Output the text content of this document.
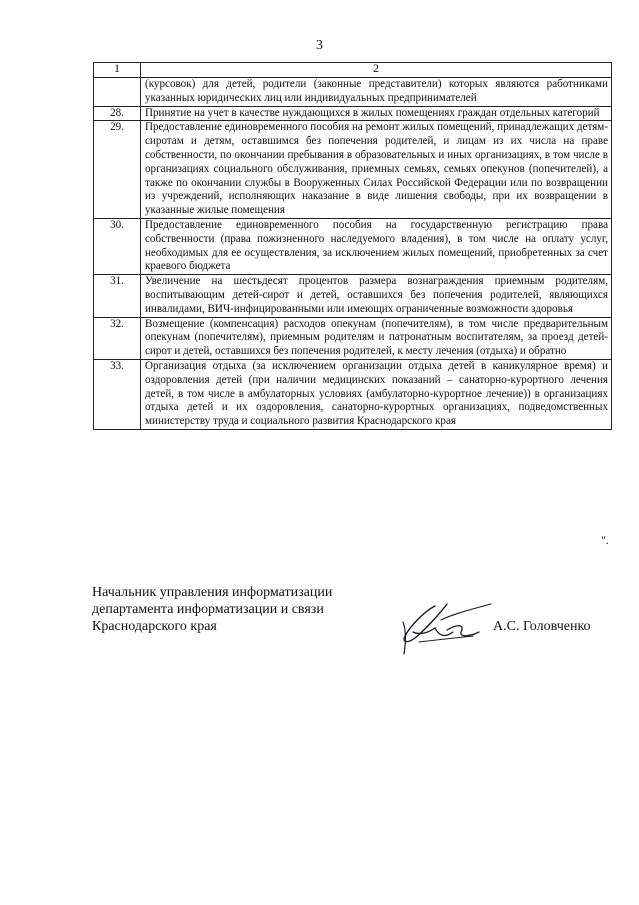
3
1	2
	(курсовок) для детей, родители (законные представители) которых являются работниками указанных юридических лиц или индивидуальных предпринимателей
28.	Принятие на учет в качестве нуждающихся в жилых помещениях граждан отдельных категорий
29.	Предоставление единовременного пособия на ремонт жилых помещений, принадлежащих детям-сиротам и детям, оставшимся без попечения родителей, и лицам из их числа на праве собственности, по окончании пребывания в образовательных и иных организациях, в том числе в организациях социального обслуживания, приемных семьях, семьях опекунов (попечителей), а также по окончании службы в Вооруженных Силах Российской Федерации или по возвращении из учреждений, исполняющих наказание в виде лишения свободы, при их возвращении в указанные жилые помещения
30.	Предоставление единовременного пособия на государственную регистрацию права собственности (права пожизненного наследуемого владения), в том числе на оплату услуг, необходимых для ее осуществления, за исключением жилых помещений, приобретенных за счет краевого бюджета
31.	Увеличение на шестьдесят процентов размера вознаграждения приемным родителям, воспитывающим детей-сирот и детей, оставшихся без попечения родителей, являющихся инвалидами, ВИЧ-инфицированными или имеющих ограниченные возможности здоровья
32.	Возмещение (компенсация) расходов опекунам (попечителям), в том числе предварительным опекунам (попечителям), приемным родителям и патронатным воспитателям, за проезд детей-сирот и детей, оставшихся без попечения родителей, к месту лечения (отдыха) и обратно
33.	Организация отдыха (за исключением организации отдыха детей в каникулярное время) и оздоровления детей (при наличии медицинских показаний – санаторно-курортного лечения детей, в том числе в амбулаторных условиях (амбулаторно-курортное лечение)) в организациях отдыха детей и их оздоровления, санаторно-курортных организациях, подведомственных министерству труда и социального развития Краснодарского края
".
Начальник управления информатизации
департамента информатизации и связи
Краснодарского края	А.С. Головченко
